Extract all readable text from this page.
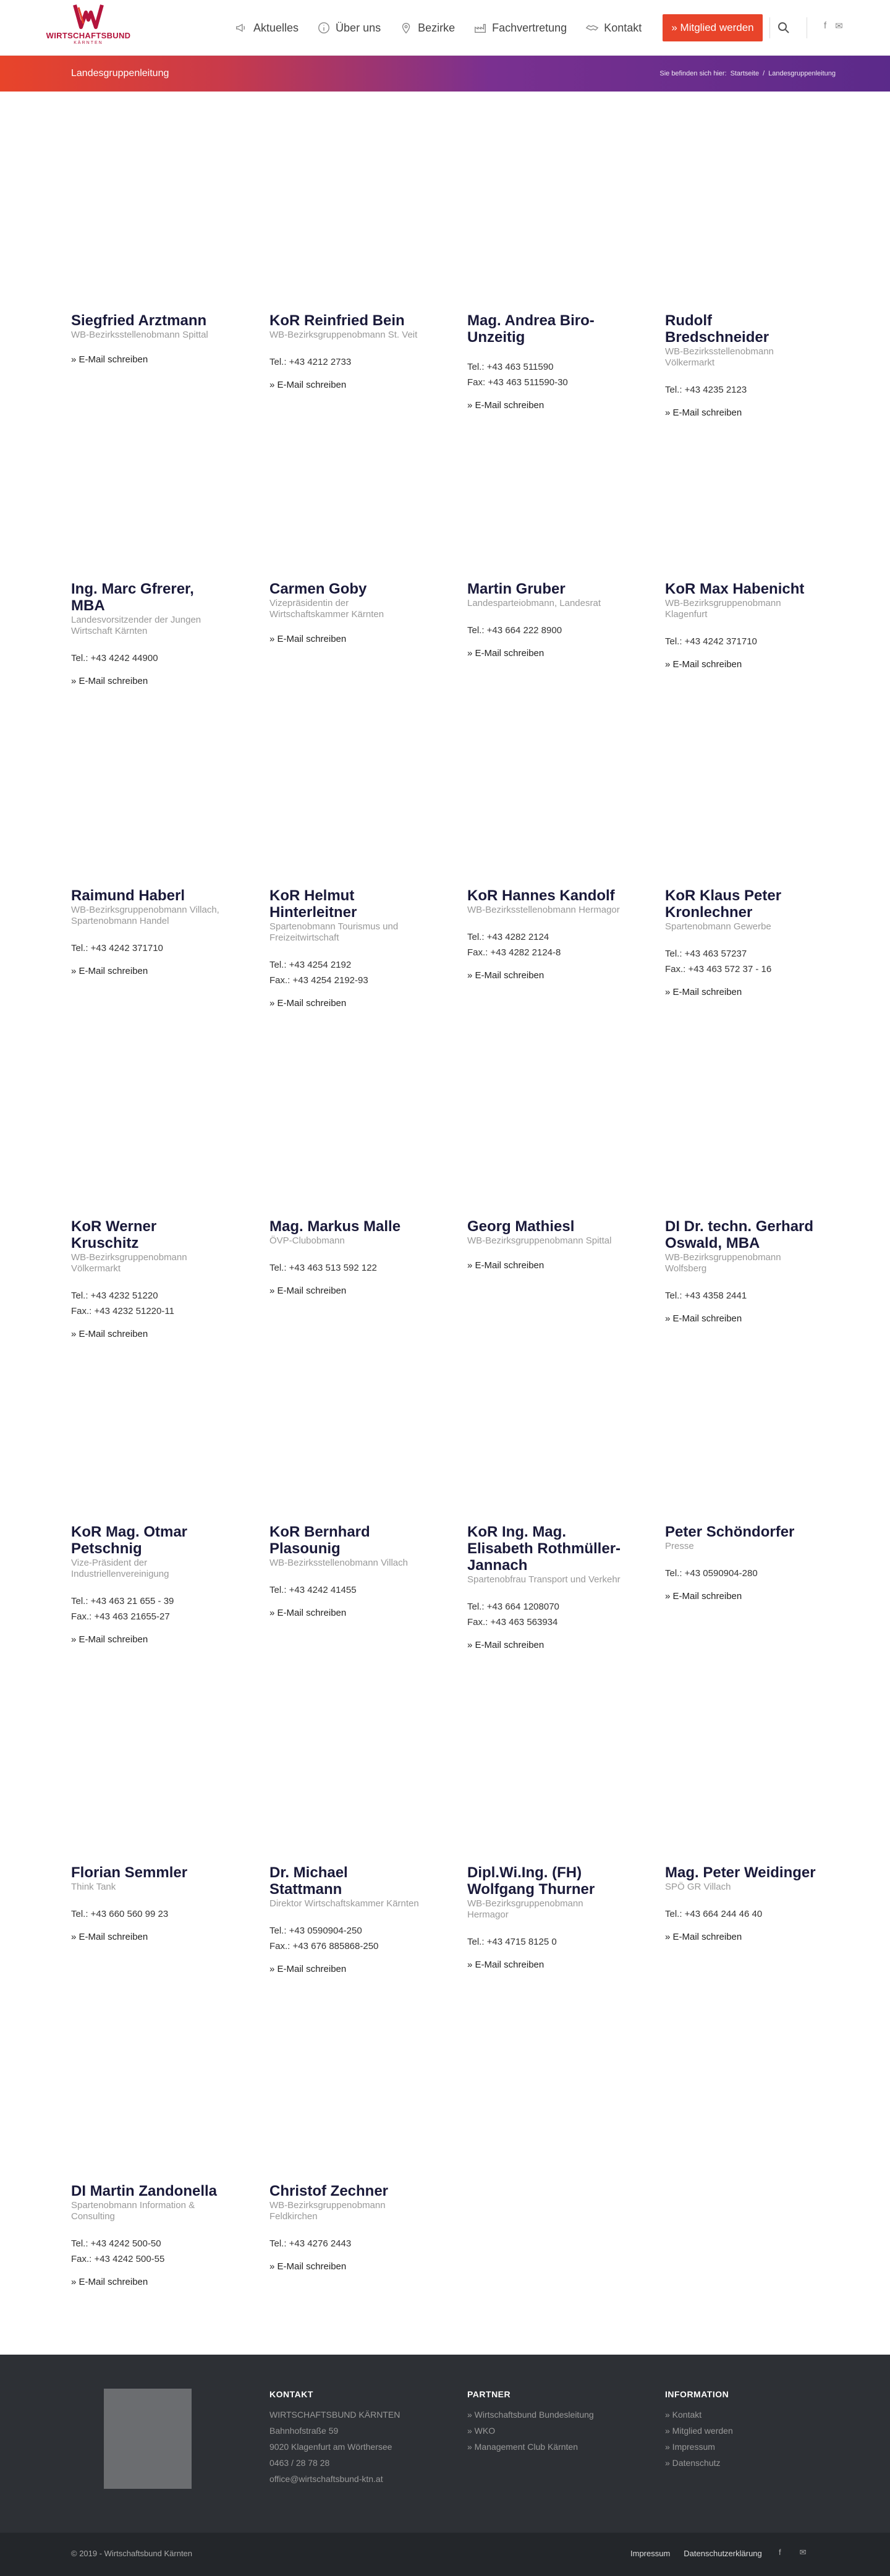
WIRTSCHAFTSBUND
KÄRNTEN
Aktuelles	Über uns	Bezirke	Fachvertretung	Kontakt	» Mitglied werden	f ✉
Landesgruppenleitung	Sie befinden sich hier: Startseite / Landesgruppenleitung
Siegfried Arztmann
WB-Bezirksstellenobmann Spittal
» E-Mail schreiben
KoR Reinfried Bein
WB-Bezirksgruppenobmann St. Veit
Tel.: +43 4212 2733
» E-Mail schreiben
Mag. Andrea Biro-Unzeitig
Tel.: +43 463 511590
Fax: +43 463 511590-30
» E-Mail schreiben
Rudolf Bredschneider
WB-Bezirksstellenobmann Völkermarkt
Tel.: +43 4235 2123
» E-Mail schreiben
Ing. Marc Gfrerer, MBA
Landesvorsitzender der Jungen Wirtschaft Kärnten
Tel.: +43 4242 44900
» E-Mail schreiben
Carmen Goby
Vizepräsidentin der Wirtschaftskammer Kärnten
» E-Mail schreiben
Martin Gruber
Landesparteiobmann, Landesrat
Tel.: +43 664 222 8900
» E-Mail schreiben
KoR Max Habenicht
WB-Bezirksgruppenobmann Klagenfurt
Tel.: +43 4242 371710
» E-Mail schreiben
Raimund Haberl
WB-Bezirksgruppenobmann Villach, Spartenobmann Handel
Tel.: +43 4242 371710
» E-Mail schreiben
KoR Helmut Hinterleitner
Spartenobmann Tourismus und Freizeitwirtschaft
Tel.: +43 4254 2192
Fax.: +43 4254 2192-93
» E-Mail schreiben
KoR Hannes Kandolf
WB-Bezirksstellenobmann Hermagor
Tel.: +43 4282 2124
Fax.: +43 4282 2124-8
» E-Mail schreiben
KoR Klaus Peter Kronlechner
Spartenobmann Gewerbe
Tel.: +43 463 57237
Fax.: +43 463 572 37 - 16
» E-Mail schreiben
KoR Werner Kruschitz
WB-Bezirksgruppenobmann Völkermarkt
Tel.: +43 4232 51220
Fax.: +43 4232 51220-11
» E-Mail schreiben
Mag. Markus Malle
ÖVP-Clubobmann
Tel.: +43 463 513 592 122
» E-Mail schreiben
Georg Mathiesl
WB-Bezirksgruppenobmann Spittal
» E-Mail schreiben
DI Dr. techn. Gerhard Oswald, MBA
WB-Bezirksgruppenobmann Wolfsberg
Tel.: +43 4358 2441
» E-Mail schreiben
KoR Mag. Otmar Petschnig
Vize-Präsident der Industriellenvereinigung
Tel.: +43 463 21 655 - 39
Fax.: +43 463 21655-27
» E-Mail schreiben
KoR Bernhard Plasounig
WB-Bezirksstellenobmann Villach
Tel.: +43 4242 41455
» E-Mail schreiben
KoR Ing. Mag. Elisabeth Rothmüller-Jannach
Spartenobfrau Transport und Verkehr
Tel.: +43 664 1208070
Fax.: +43 463 563934
» E-Mail schreiben
Peter Schöndorfer
Presse
Tel.: +43 0590904-280
» E-Mail schreiben
Florian Semmler
Think Tank
Tel.: +43 660 560 99 23
» E-Mail schreiben
Dr. Michael Stattmann
Direktor Wirtschaftskammer Kärnten
Tel.: +43 0590904-250
Fax.: +43 676 885868-250
» E-Mail schreiben
Dipl.Wi.Ing. (FH) Wolfgang Thurner
WB-Bezirksgruppenobmann Hermagor
Tel.: +43 4715 8125 0
» E-Mail schreiben
Mag. Peter Weidinger
SPÖ GR Villach
Tel.: +43 664 244 46 40
» E-Mail schreiben
DI Martin Zandonella
Spartenobmann Information & Consulting
Tel.: +43 4242 500-50
Fax.: +43 4242 500-55
» E-Mail schreiben
Christof Zechner
WB-Bezirksgruppenobmann Feldkirchen
Tel.: +43 4276 2443
» E-Mail schreiben
KONTAKT
WIRTSCHAFTSBUND KÄRNTEN
Bahnhofstraße 59
9020 Klagenfurt am Wörthersee
0463 / 28 78 28
office@wirtschaftsbund-ktn.at
PARTNER
» Wirtschaftsbund Bundesleitung
» WKO
» Management Club Kärnten
INFORMATION
» Kontakt
» Mitglied werden
» Impressum
» Datenschutz
© 2019 - Wirtschaftsbund Kärnten	Impressum Datenschutzerklärung f ✉
